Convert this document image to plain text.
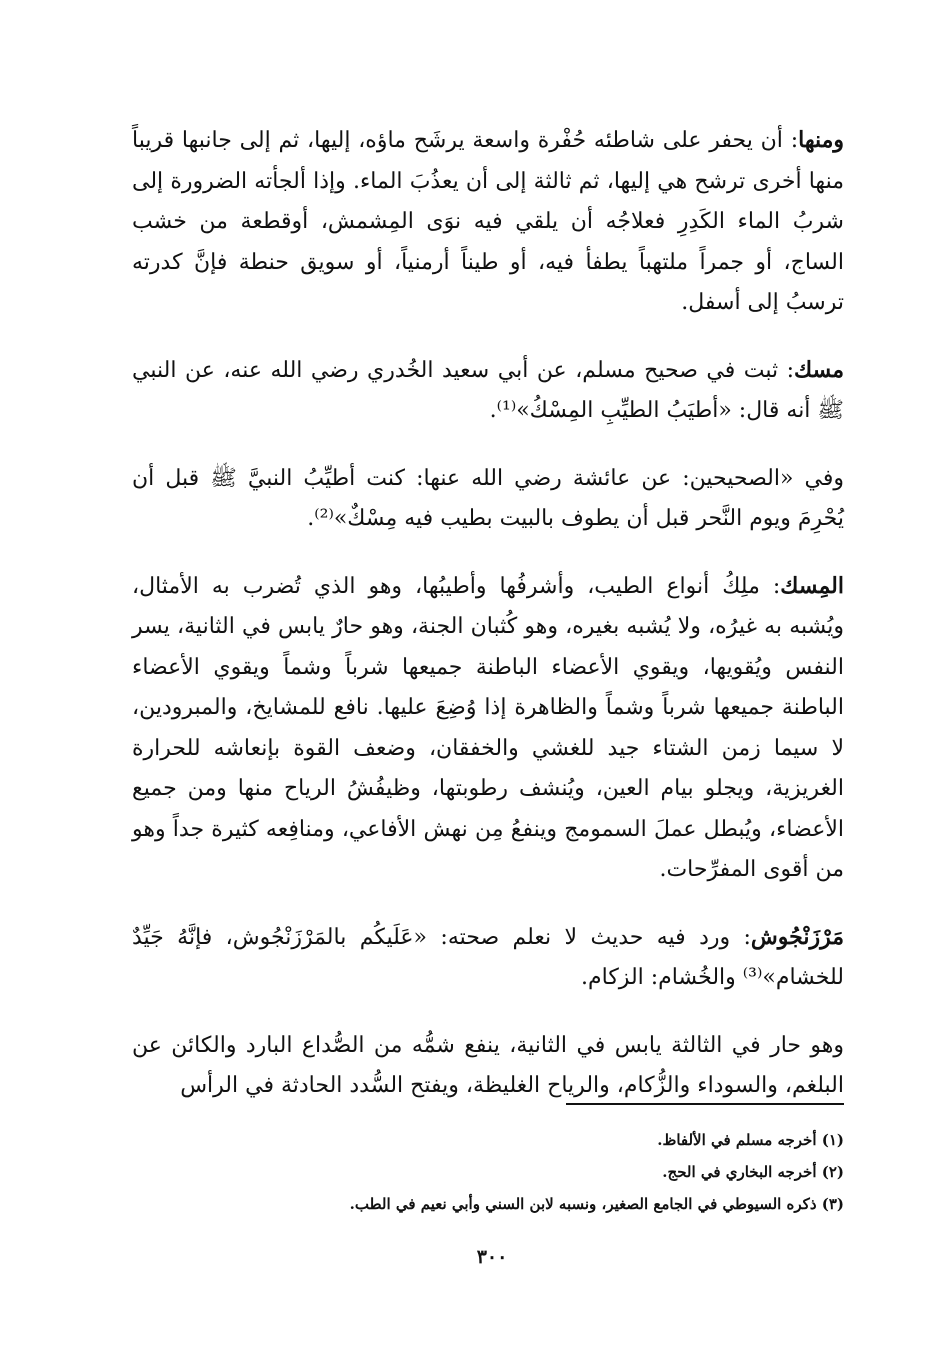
ومنها: أن يحفر على شاطئه حُفْرة واسعة يرشَح ماؤه، إليها، ثم إلى جانبها قريباً منها أخرى ترشح هي إليها، ثم ثالثة إلى أن يعذُبَ الماء. وإذا ألجأته الضرورة إلى شربُ الماء الكَدِرِ فعلاجُه أن يلقي فيه نوَى المِشمش، أوقطعة من خشب الساج، أو جمراً ملتهباً يطفأ فيه، أو طيناً أرمنياً، أو سويق حنطة فإنَّ كدرته ترسبُ إلى أسفل.

مسك: ثبت في صحيح مسلم، عن أبي سعيد الخُدري رضي الله عنه، عن النبي ﷺ أنه قال: «أطيَبُ الطيِّبِ المِسْكُ»⁽¹⁾.

وفي «الصحيحين: عن عائشة رضي الله عنها: كنت أطيِّبُ النبيَّ ﷺ قبل أن يُحْرِمَ ويوم النَّحر قبل أن يطوف بالبيت بطيب فيه مِسْكٌ»⁽²⁾.

المِسك: ملِكُ أنواع الطيب، وأشرفُها وأطيبُها، وهو الذي تُضرب به الأمثال، ويُشبه به غيرُه، ولا يُشبه بغيره، وهو كُثبان الجنة، وهو حارٌ يابس في الثانية، يسر النفس ويُقويها، ويقوي الأعضاء الباطنة جميعها شرباً وشماً ويقوي الأعضاء الباطنة جميعها شرباً وشماً والظاهرة إذا وُضِعَ عليها. نافع للمشايخ، والمبرودين، لا سيما زمن الشتاء جيد للغشي والخفقان، وضعف القوة بإنعاشه للحرارة الغريزية، ويجلو بيام العين، ويُنشف رطوبتها، وظيفُشُ الرياح منها ومن جميع الأعضاء، ويُبطل عملَ السمومج وينفعُ مِن نهش الأفاعي، ومنافِعه كثيرة جداً وهو من أقوى المفرِّحات.

مَرْزَنْجُوش: ورد فيه حديث لا نعلم صحته: «عَلَيكُم بالمَرْزَنْجُوش، فإنَّهُ جَيِّدٌ للخشام»⁽³⁾ والخُشام: الزكام.

وهو حار في الثالثة يابس في الثانية، ينفع شمُّه من الصُّداع البارد والكائن عن البلغم، والسوداء والزُّكام، والرياح الغليظة، ويفتح السُّدد الحادثة في الرأس

(١) أخرجه مسلم في الألفاظ.

(٢) أخرجه البخاري في الحج.

(٣) ذكره السيوطي في الجامع الصغير، ونسبه لابن السني وأبي نعيم في الطب.

٣٠٠
